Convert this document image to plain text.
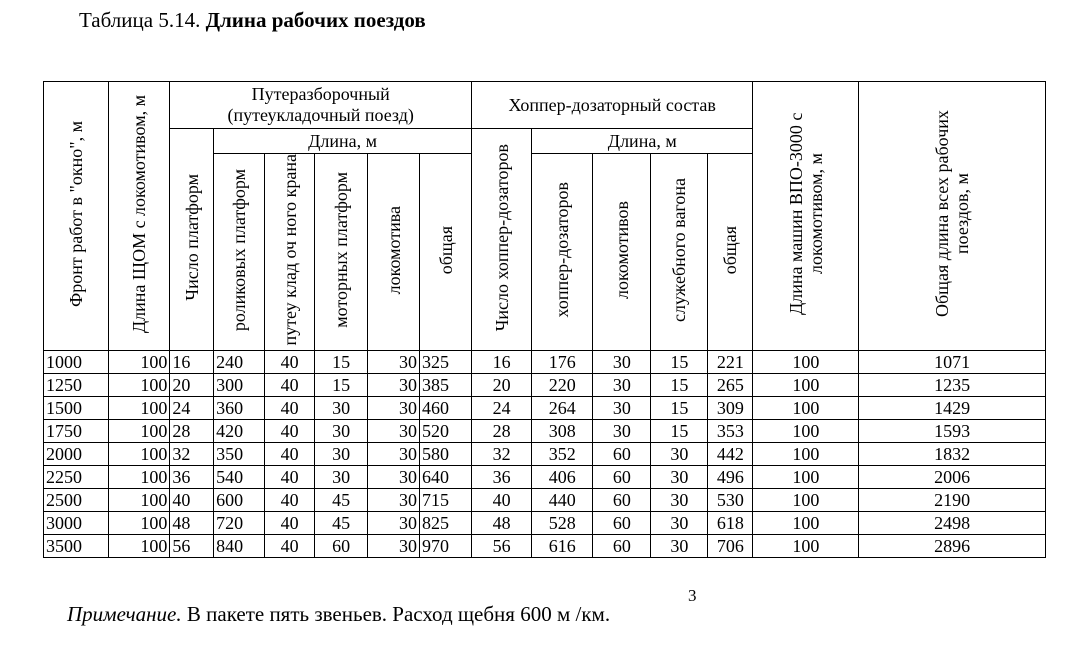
Таблица 5.14. Длина рабочих поездов
Фронт работ в "окно", м	Длина ЩОМ с локомотивом, м	Путеразборочный (путеукладочный поезд)						Хоппер-дозаторный состав					Длина машин ВПО-3000 с локомотивом, м	Общая длина всех рабочих поездов, м
		Число платформ	Длина, м					Число хоппер-дозаторов	Длина, м					
			роликовых платформ	путеу клад оч ного крана	моторных платформ	локомотива	общая		хоппер-дозаторов	локомотивов	служебного вагона	общая		
1000	100	16	240	40	15	30	325	16	176	30	15	221	100	1071
1250	100	20	300	40	15	30	385	20	220	30	15	265	100	1235
1500	100	24	360	40	30	30	460	24	264	30	15	309	100	1429
1750	100	28	420	40	30	30	520	28	308	30	15	353	100	1593
2000	100	32	350	40	30	30	580	32	352	60	30	442	100	1832
2250	100	36	540	40	30	30	640	36	406	60	30	496	100	2006
2500	100	40	600	40	45	30	715	40	440	60	30	530	100	2190
3000	100	48	720	40	45	30	825	48	528	60	30	618	100	2498
3500	100	56	840	40	60	30	970	56	616	60	30	706	100	2896
Примечание. В пакете пять звеньев. Расход щебня 600 м /км.
3
